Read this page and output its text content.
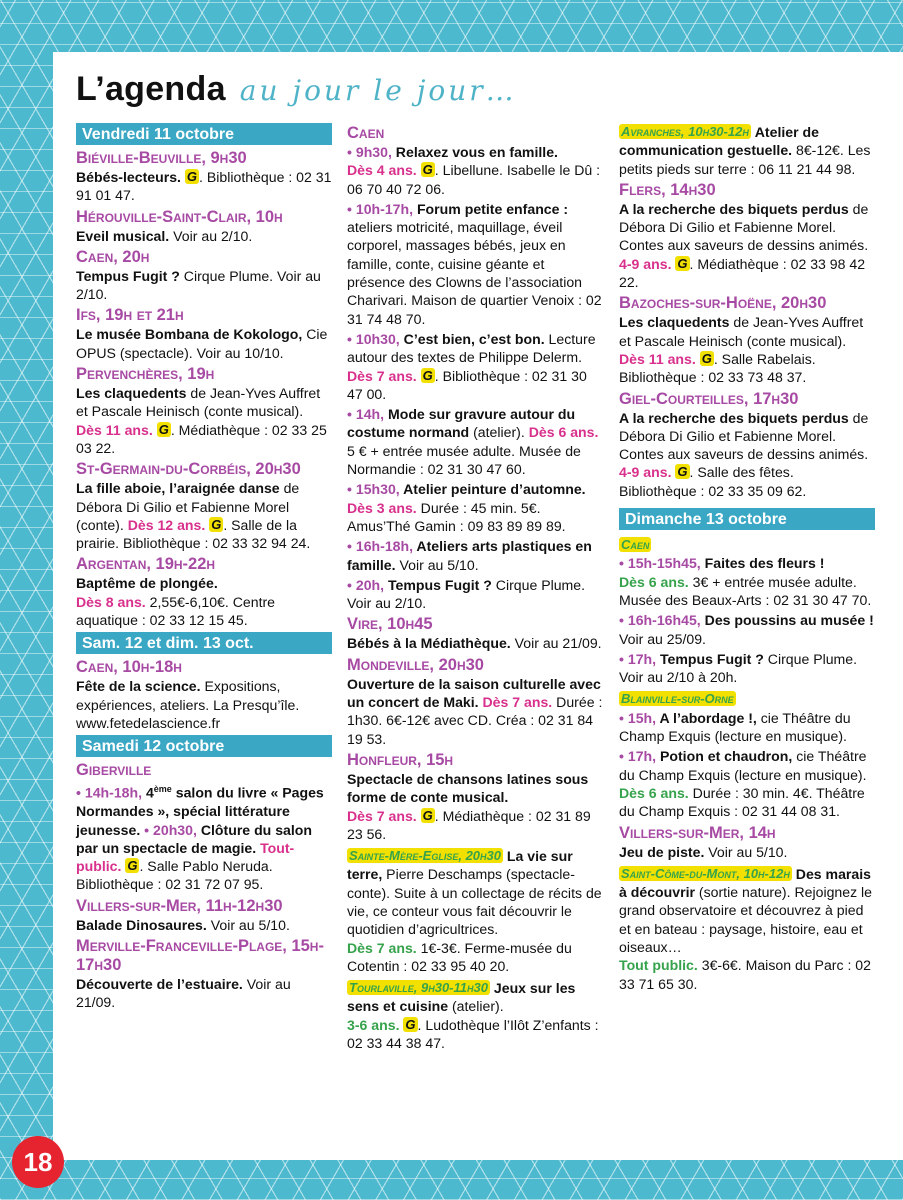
L’agenda au jour le jour…
Vendredi 11 octobre
Biéville-Beuville, 9h30
Bébés-lecteurs. G . Bibliothèque : 02 31 91 01 47.
Hérouville-Saint-Clair, 10h
Eveil musical. Voir au 2/10.
Caen, 20h
Tempus Fugit ? Cirque Plume. Voir au 2/10.
Ifs, 19h et 21h
Le musée Bombana de Kokologo, Cie OPUS (spectacle). Voir au 10/10.
Pervenchères, 19h
Les claquedents de Jean-Yves Auffret et Pascale Heinisch (conte musical). Dès 11 ans. G . Médiathèque : 02 33 25 03 22.
St-Germain-du-Corbéis, 20h30
La fille aboie, l’araignée danse de Débora Di Gilio et Fabienne Morel (conte). Dès 12 ans. G . Salle de la prairie. Bibliothèque : 02 33 32 94 24.
Argentan, 19h-22h
Baptême de plongée.
Dès 8 ans. 2,55€-6,10€. Centre aquatique : 02 33 12 15 45.
Sam. 12 et dim. 13 oct.
Caen, 10h-18h
Fête de la science. Expositions, expériences, ateliers. La Presqu’île. www.fetedelascience.fr
Samedi 12 octobre
Giberville
• 14h-18h, 4ème salon du livre « Pages Normandes », spécial littérature jeunesse. • 20h30, Clôture du salon par un spectacle de magie. Tout-public. G . Salle Pablo Neruda. Bibliothèque : 02 31 72 07 95.
Villers-sur-Mer, 11h-12h30
Balade Dinosaures. Voir au 5/10.
Merville-Franceville-Plage, 15h-17h30
Découverte de l’estuaire. Voir au 21/09.
Caen
• 9h30, Relaxez vous en famille.
Dès 4 ans. G . Libellune. Isabelle le Dû : 06 70 40 72 06.
• 10h-17h, Forum petite enfance : ateliers motricité, maquillage, éveil corporel, massages bébés, jeux en famille, conte, cuisine géante et présence des Clowns de l’association Charivari. Maison de quartier Venoix : 02 31 74 48 70.
• 10h30, C’est bien, c’est bon. Lecture autour des textes de Philippe Delerm. Dès 7 ans. G . Bibliothèque : 02 31 30 47 00.
• 14h, Mode sur gravure autour du costume normand (atelier). Dès 6 ans. 5 € + entrée musée adulte. Musée de Normandie : 02 31 30 47 60.
• 15h30, Atelier peinture d’automne. Dès 3 ans. Durée : 45 min. 5€. Amus’Thé Gamin : 09 83 89 89 89.
• 16h-18h, Ateliers arts plastiques en famille. Voir au 5/10.
• 20h, Tempus Fugit ? Cirque Plume. Voir au 2/10.
Vire, 10h45
Bébés à la Médiathèque. Voir au 21/09.
Mondeville, 20h30
Ouverture de la saison culturelle avec un concert de Maki. Dès 7 ans. Durée : 1h30. 6€-12€ avec CD. Créa : 02 31 84 19 53.
Honfleur, 15h
Spectacle de chansons latines sous forme de conte musical.
Dès 7 ans. G . Médiathèque : 02 31 89 23 56.
Sainte-Mère-Eglise, 20h30 La vie sur terre, Pierre Deschamps (spectacle-conte). Suite à un collectage de récits de vie, ce conteur vous fait découvrir le quotidien d’agricultrices.
Dès 7 ans. 1€-3€. Ferme-musée du Cotentin : 02 33 95 40 20.
Tourlaville, 9h30-11h30 Jeux sur les sens et cuisine (atelier).
3-6 ans. G . Ludothèque l’Ilôt Z’enfants : 02 33 44 38 47.
Avranches, 10h30-12h Atelier de communication gestuelle. 8€-12€. Les petits pieds sur terre : 06 11 21 44 98.
Flers, 14h30
A la recherche des biquets perdus de Débora Di Gilio et Fabienne Morel. Contes aux saveurs de dessins animés. 4-9 ans. G . Médiathèque : 02 33 98 42 22.
Bazoches-sur-Hoëne, 20h30
Les claquedents de Jean-Yves Auffret et Pascale Heinisch (conte musical). Dès 11 ans. G . Salle Rabelais. Bibliothèque : 02 33 73 48 37.
Giel-Courteilles, 17h30
A la recherche des biquets perdus de Débora Di Gilio et Fabienne Morel. Contes aux saveurs de dessins animés. 4-9 ans. G . Salle des fêtes. Bibliothèque : 02 33 35 09 62.
Dimanche 13 octobre
Caen
• 15h-15h45, Faites des fleurs !
Dès 6 ans. 3€ + entrée musée adulte. Musée des Beaux-Arts : 02 31 30 47 70.
• 16h-16h45, Des poussins au musée ! Voir au 25/09.
• 17h, Tempus Fugit ? Cirque Plume. Voir au 2/10 à 20h.
Blainville-sur-Orne
• 15h, A l’abordage !, cie Théâtre du Champ Exquis (lecture en musique).
• 17h, Potion et chaudron, cie Théâtre du Champ Exquis (lecture en musique). Dès 6 ans. Durée : 30 min. 4€. Théâtre du Champ Exquis : 02 31 44 08 31.
Villers-sur-Mer, 14h
Jeu de piste. Voir au 5/10.
Saint-Côme-du-Mont, 10h-12h Des marais à découvrir (sortie nature). Rejoignez le grand observatoire et découvrez à pied et en bateau : paysage, histoire, eau et oiseaux…
Tout public. 3€-6€. Maison du Parc : 02 33 71 65 30.
18
